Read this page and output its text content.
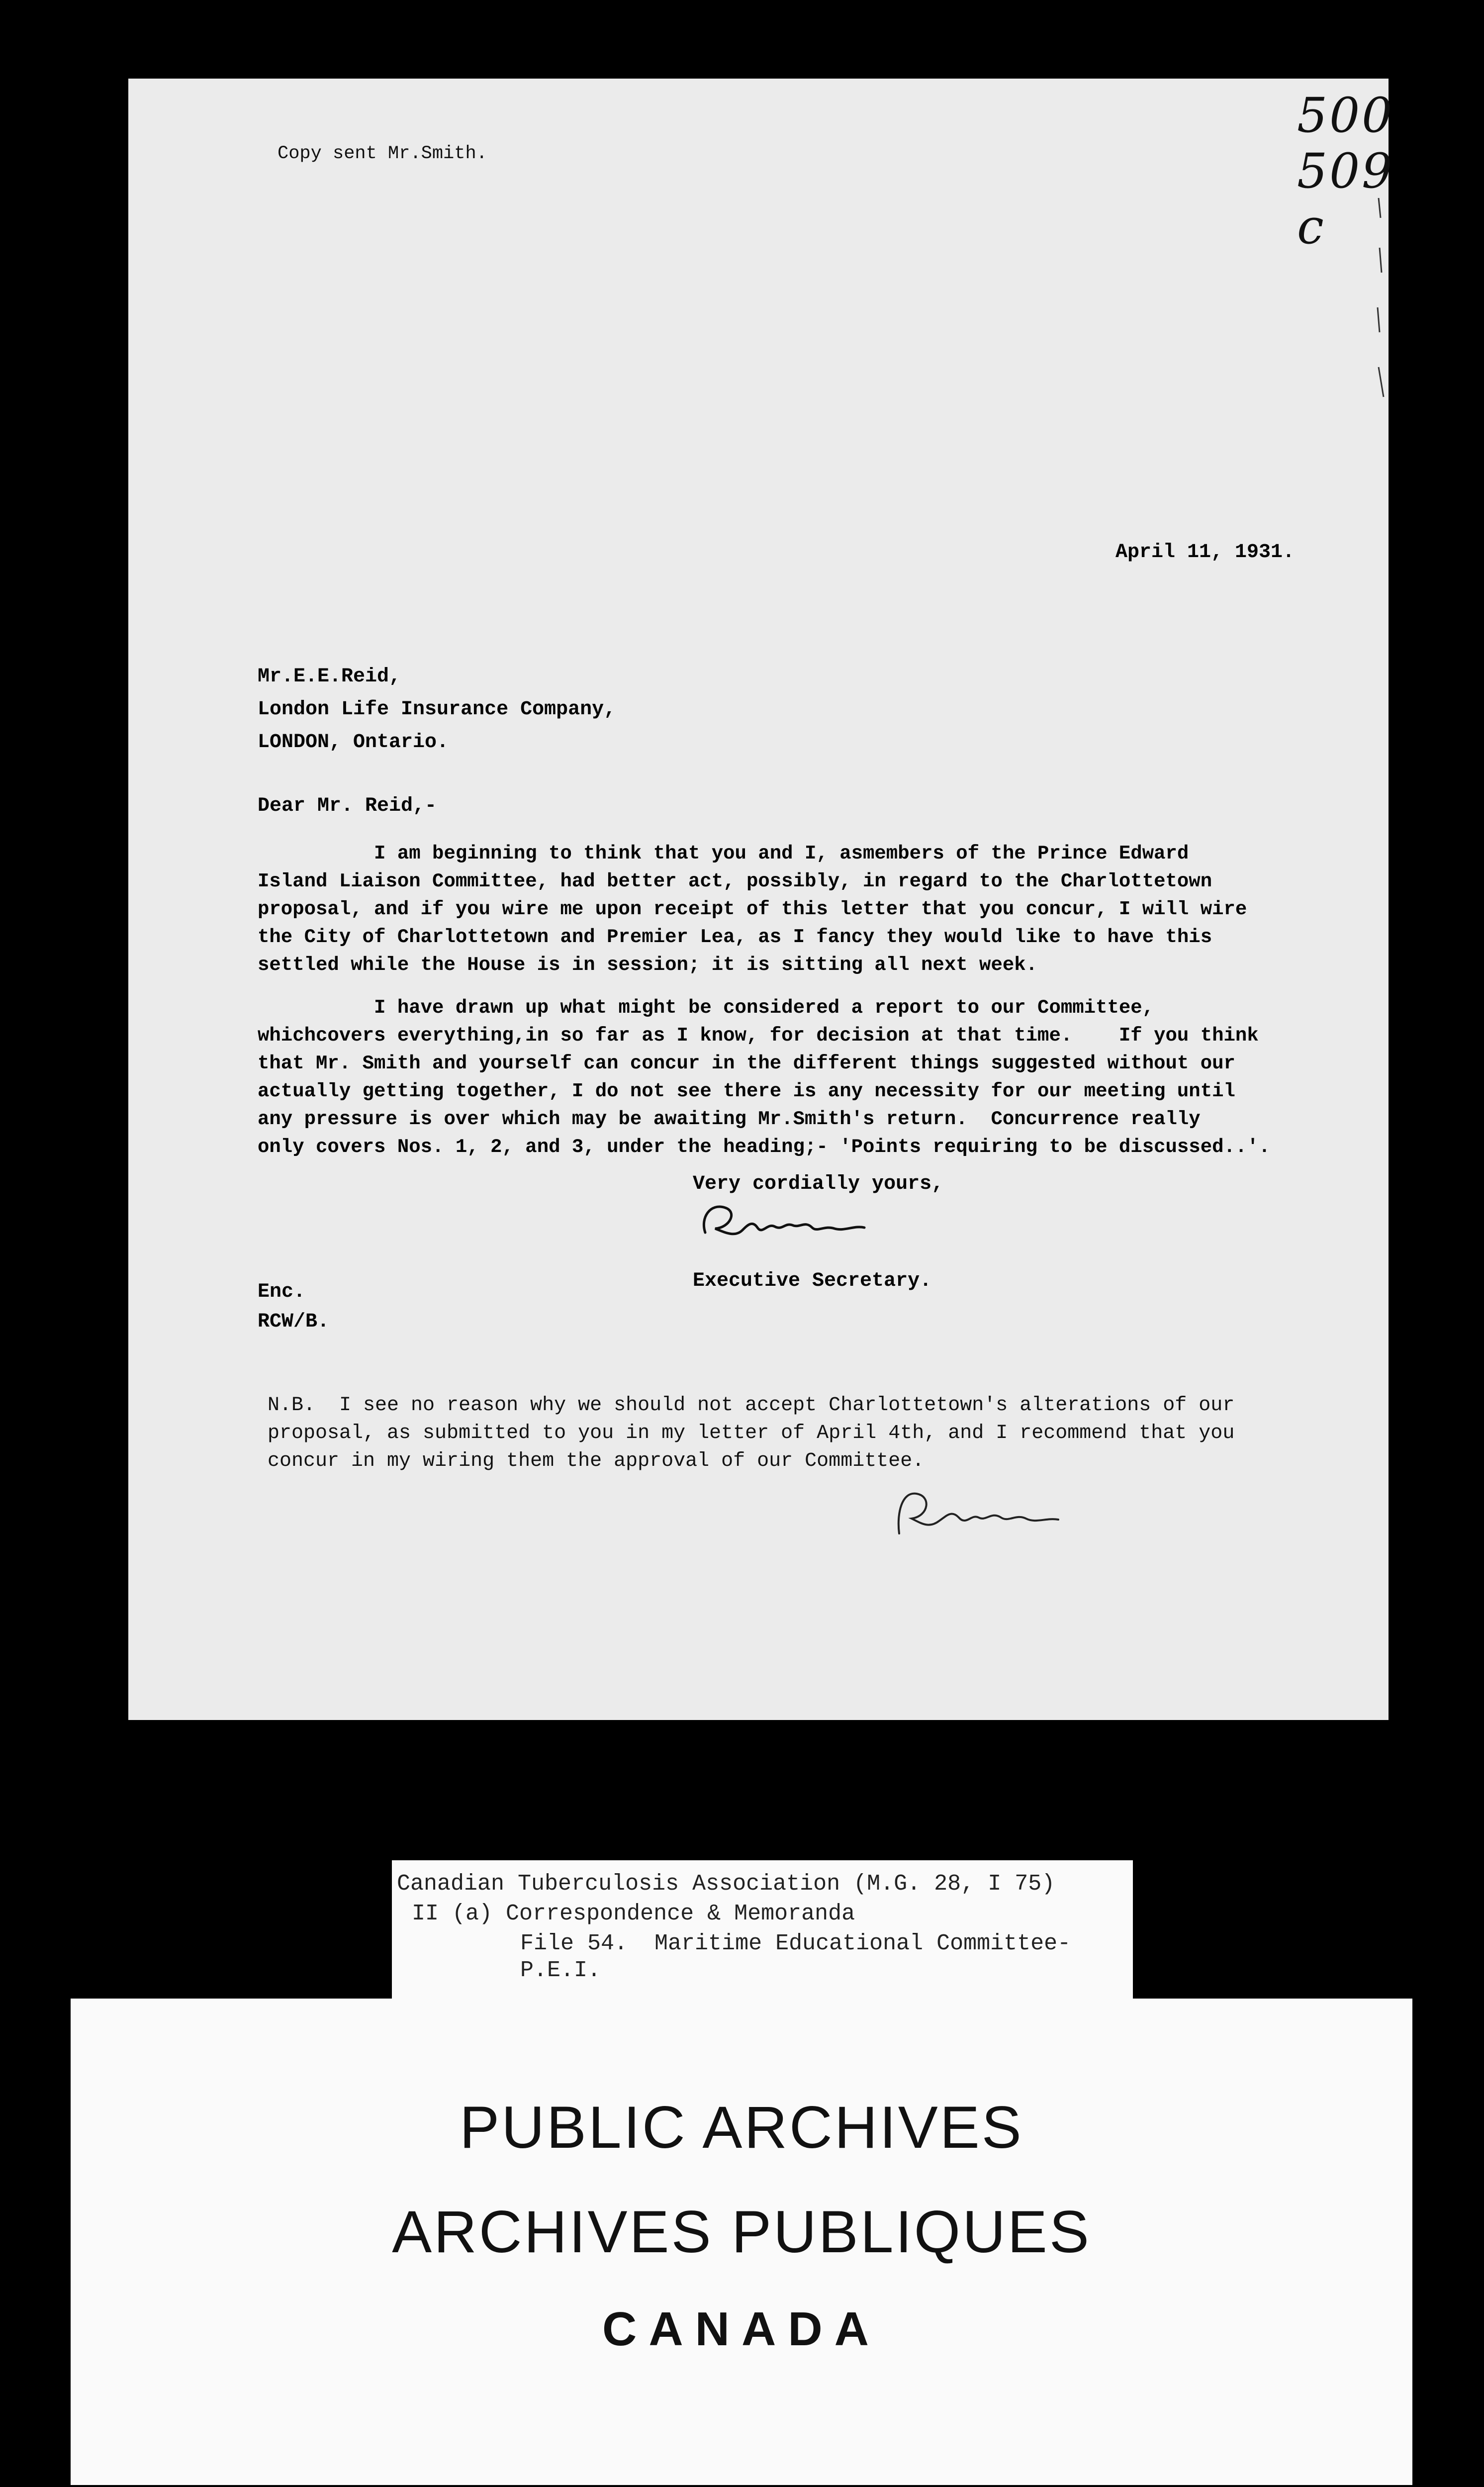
500 509 c
Copy sent Mr.Smith.
April 11, 1931.
Mr.E.E.Reid,
London Life Insurance Company,
LONDON, Ontario.
Dear Mr. Reid,-
I am beginning to think that you and I, asmembers of the Prince Edward
Island Liaison Committee, had better act, possibly, in regard to the Charlottetown
proposal, and if you wire me upon receipt of this letter that you concur, I will wire
the City of Charlottetown and Premier Lea, as I fancy they would like to have this
settled while the House is in session; it is sitting all next week.
I have drawn up what might be considered a report to our Committee,
whichcovers everything,in so far as I know, for decision at that time.    If you think
that Mr. Smith and yourself can concur in the different things suggested without our
actually getting together, I do not see there is any necessity for our meeting until
any pressure is over which may be awaiting Mr.Smith's return.  Concurrence really
only covers Nos. 1, 2, and 3, under the heading;- 'Points requiring to be discussed..'.
Very cordially yours,
Executive Secretary.
Enc.
RCW/B.
N.B.  I see no reason why we should not accept Charlottetown's alterations of our
proposal, as submitted to you in my letter of April 4th, and I recommend that you
concur in my wiring them the approval of our Committee.
Canadian Tuberculosis Association (M.G. 28, I 75)
II (a) Correspondence & Memoranda
File 54.  Maritime Educational Committee-
P.E.I.
PUBLIC ARCHIVES
ARCHIVES PUBLIQUES
CANADA
